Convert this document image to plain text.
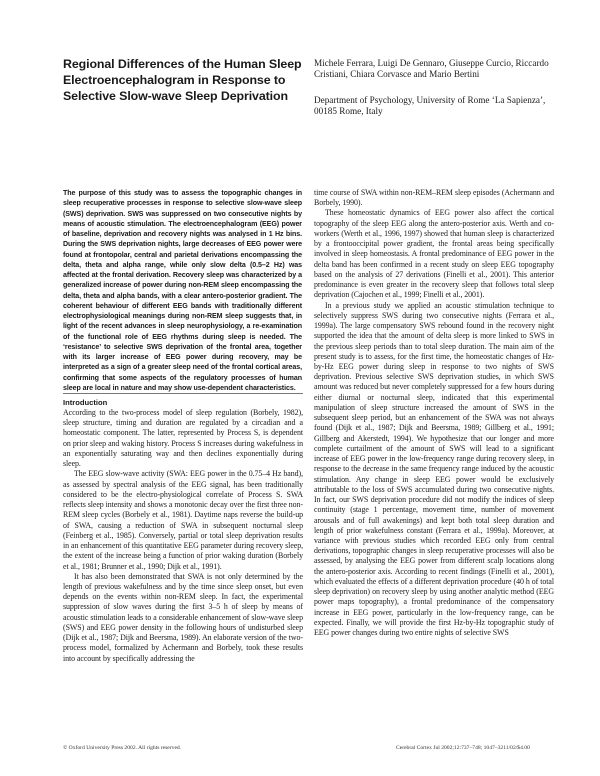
Regional Differences of the Human Sleep Electroencephalogram in Response to Selective Slow-wave Sleep Deprivation

Michele Ferrara, Luigi De Gennaro, Giuseppe Curcio, Riccardo Cristiani, Chiara Corvasce and Mario Bertini

Department of Psychology, University of Rome ‘La Sapienza’, 00185 Rome, Italy

The purpose of this study was to assess the topographic changes in sleep recuperative processes in response to selective slow-wave sleep (SWS) deprivation. SWS was suppressed on two consecutive nights by means of acoustic stimulation. The electroencephalogram (EEG) power of baseline, deprivation and recovery nights was analysed in 1 Hz bins. During the SWS deprivation nights, large decreases of EEG power were found at frontopolar, central and parietal derivations encompassing the delta, theta and alpha range, while only slow delta (0.5–2 Hz) was affected at the frontal derivation. Recovery sleep was characterized by a generalized increase of power during non-REM sleep encompassing the delta, theta and alpha bands, with a clear antero-posterior gradient. The coherent behaviour of different EEG bands with traditionally different electrophysiological meanings during non-REM sleep suggests that, in light of the recent advances in sleep neurophysiology, a re-examination of the functional role of EEG rhythms during sleep is needed. The ‘resistance’ to selective SWS deprivation of the frontal area, together with its larger increase of EEG power during recovery, may be interpreted as a sign of a greater sleep need of the frontal cortical areas, confirming that some aspects of the regulatory processes of human sleep are local in nature and may show use-dependent characteristics.

Introduction

According to the two-process model of sleep regulation (Borbely, 1982), sleep structure, timing and duration are regulated by a circadian and a homeostatic component. The latter, represented by Process S, is dependent on prior sleep and waking history. Process S increases during wakefulness in an exponentially saturating way and then declines exponentially during sleep.

The EEG slow-wave activity (SWA: EEG power in the 0.75–4 Hz band), as assessed by spectral analysis of the EEG signal, has been traditionally considered to be the electro-physiological correlate of Process S. SWA reflects sleep intensity and shows a monotonic decay over the first three non-REM sleep cycles (Borbely et al., 1981). Daytime naps reverse the build-up of SWA, causing a reduction of SWA in subsequent nocturnal sleep (Feinberg et al., 1985). Conversely, partial or total sleep deprivation results in an enhancement of this quantitative EEG parameter during recovery sleep, the extent of the increase being a function of prior waking duration (Borbely et al., 1981; Brunner et al., 1990; Dijk et al., 1991).

It has also been demonstrated that SWA is not only determined by the length of previous wakefulness and by the time since sleep onset, but even depends on the events within non-REM sleep. In fact, the experimental suppression of slow waves during the first 3–5 h of sleep by means of acoustic stimulation leads to a considerable enhancement of slow-wave sleep (SWS) and EEG power density in the following hours of undisturbed sleep (Dijk et al., 1987; Dijk and Beersma, 1989). An elaborate version of the two-process model, formalized by Achermann and Borbely, took these results into account by specifically addressing the

time course of SWA within non-REM–REM sleep episodes (Achermann and Borbely, 1990).

These homeostatic dynamics of EEG power also affect the cortical topography of the sleep EEG along the antero-posterior axis. Werth and co-workers (Werth et al., 1996, 1997) showed that human sleep is characterized by a frontooccipital power gradient, the frontal areas being specifically involved in sleep homeostasis. A frontal predominance of EEG power in the delta band has been confirmed in a recent study on sleep EEG topography based on the analysis of 27 derivations (Finelli et al., 2001). This anterior predominance is even greater in the recovery sleep that follows total sleep deprivation (Cajochen et al., 1999; Finelli et al., 2001).

In a previous study we applied an acoustic stimulation technique to selectively suppress SWS during two consecutive nights (Ferrara et al., 1999a). The large compensatory SWS rebound found in the recovery night supported the idea that the amount of delta sleep is more linked to SWS in the previous sleep periods than to total sleep duration. The main aim of the present study is to assess, for the first time, the homeostatic changes of Hz-by-Hz EEG power during sleep in response to two nights of SWS deprivation. Previous selective SWS deprivation studies, in which SWS amount was reduced but never completely suppressed for a few hours during either diurnal or nocturnal sleep, indicated that this experimental manipulation of sleep structure increased the amount of SWS in the subsequent sleep period, but an enhancement of the SWA was not always found (Dijk et al., 1987; Dijk and Beersma, 1989; Gillberg et al., 1991; Gillberg and Akerstedt, 1994). We hypothesize that our longer and more complete curtailment of the amount of SWS will lead to a significant increase of EEG power in the low-frequency range during recovery sleep, in response to the decrease in the same frequency range induced by the acoustic stimulation. Any change in sleep EEG power would be exclusively attributable to the loss of SWS accumulated during two consecutive nights. In fact, our SWS deprivation procedure did not modify the indices of sleep continuity (stage 1 percentage, movement time, number of movement arousals and of full awakenings) and kept both total sleep duration and length of prior wakefulness constant (Ferrara et al., 1999a). Moreover, at variance with previous studies which recorded EEG only from central derivations, topographic changes in sleep recuperative processes will also be assessed, by analysing the EEG power from different scalp locations along the antero-posterior axis. According to recent findings (Finelli et al., 2001), which evaluated the effects of a different deprivation procedure (40 h of total sleep deprivation) on recovery sleep by using another analytic method (EEG power maps topography), a frontal predominance of the compensatory increase in EEG power, particularly in the low-frequency range, can be expected. Finally, we will provide the first Hz-by-Hz topographic study of EEG power changes during two entire nights of selective SWS

© Oxford University Press 2002. All rights reserved.	Cerebral Cortex Jul 2002;12:737–748; 1047–3211/02/$4.00
